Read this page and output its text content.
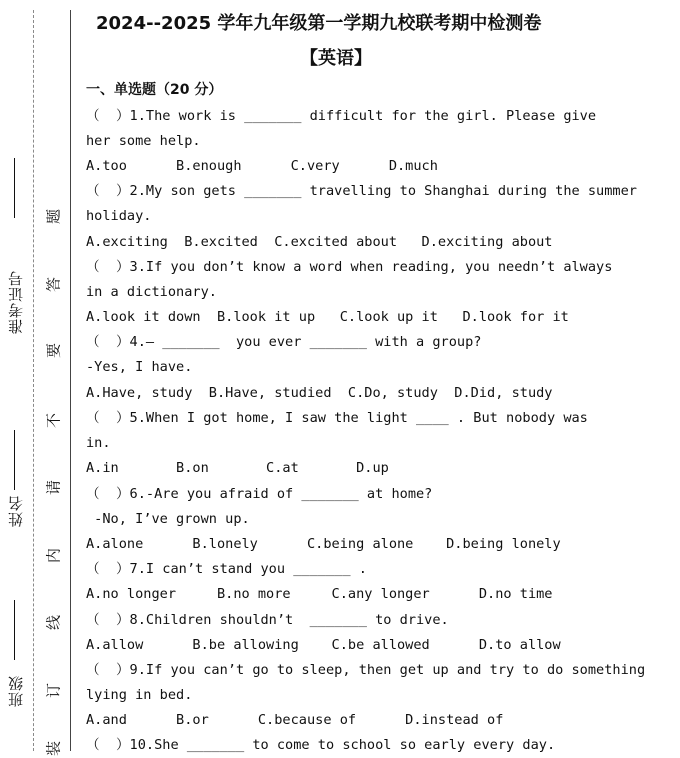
准考证号
姓名
班级
题
答
要
不
请
内
线
订
装
2024--2025 学年九年级第一学期九校联考期中检测卷
【英语】
一、单选题（20 分）
（  ）1.The work is _______ difficult for the girl. Please give
her some help.
A.too      B.enough      C.very      D.much
（  ）2.My son gets _______ travelling to Shanghai during the summer
holiday.
A.exciting  B.excited  C.excited about   D.exciting about
（  ）3.If you don’t know a word when reading, you needn’t always
in a dictionary.
A.look it down  B.look it up   C.look up it   D.look for it
（  ）4.– _______  you ever _______ with a group?
-Yes, I have.
A.Have, study  B.Have, studied  C.Do, study  D.Did, study
（  ）5.When I got home, I saw the light ____ . But nobody was
in.
A.in       B.on       C.at       D.up
（  ）6.-Are you afraid of _______ at home?
-No, I’ve grown up.
A.alone      B.lonely      C.being alone    D.being lonely
（  ）7.I can’t stand you _______ .
A.no longer     B.no more     C.any longer      D.no time
（  ）8.Children shouldn’t  _______ to drive.
A.allow      B.be allowing    C.be allowed      D.to allow
（  ）9.If you can’t go to sleep, then get up and try to do something
lying in bed.
A.and      B.or      C.because of      D.instead of
（  ）10.She _______ to come to school so early every day.
